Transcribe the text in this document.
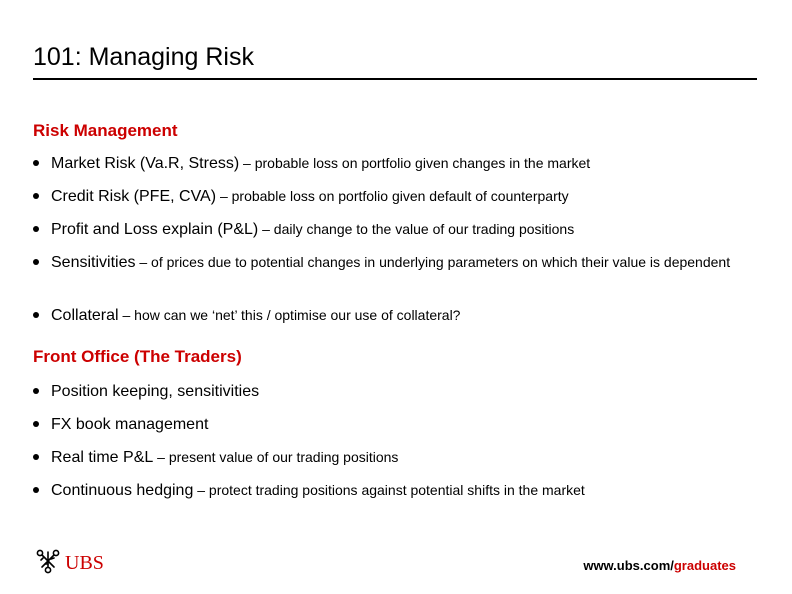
101: Managing Risk
Risk Management
Market Risk (Va.R, Stress) – probable loss on portfolio given changes in the market
Credit Risk (PFE, CVA) – probable loss on portfolio given default of counterparty
Profit and Loss explain (P&L) – daily change to the value of our trading positions
Sensitivities – of prices due to potential changes in underlying parameters on which their value is dependent
Collateral – how can we ‘net’ this / optimise our use of collateral?
Front Office (The Traders)
Position keeping, sensitivities
FX book management
Real time P&L – present value of our trading positions
Continuous hedging – protect trading positions against potential shifts in the market
UBS	www.ubs.com/graduates
